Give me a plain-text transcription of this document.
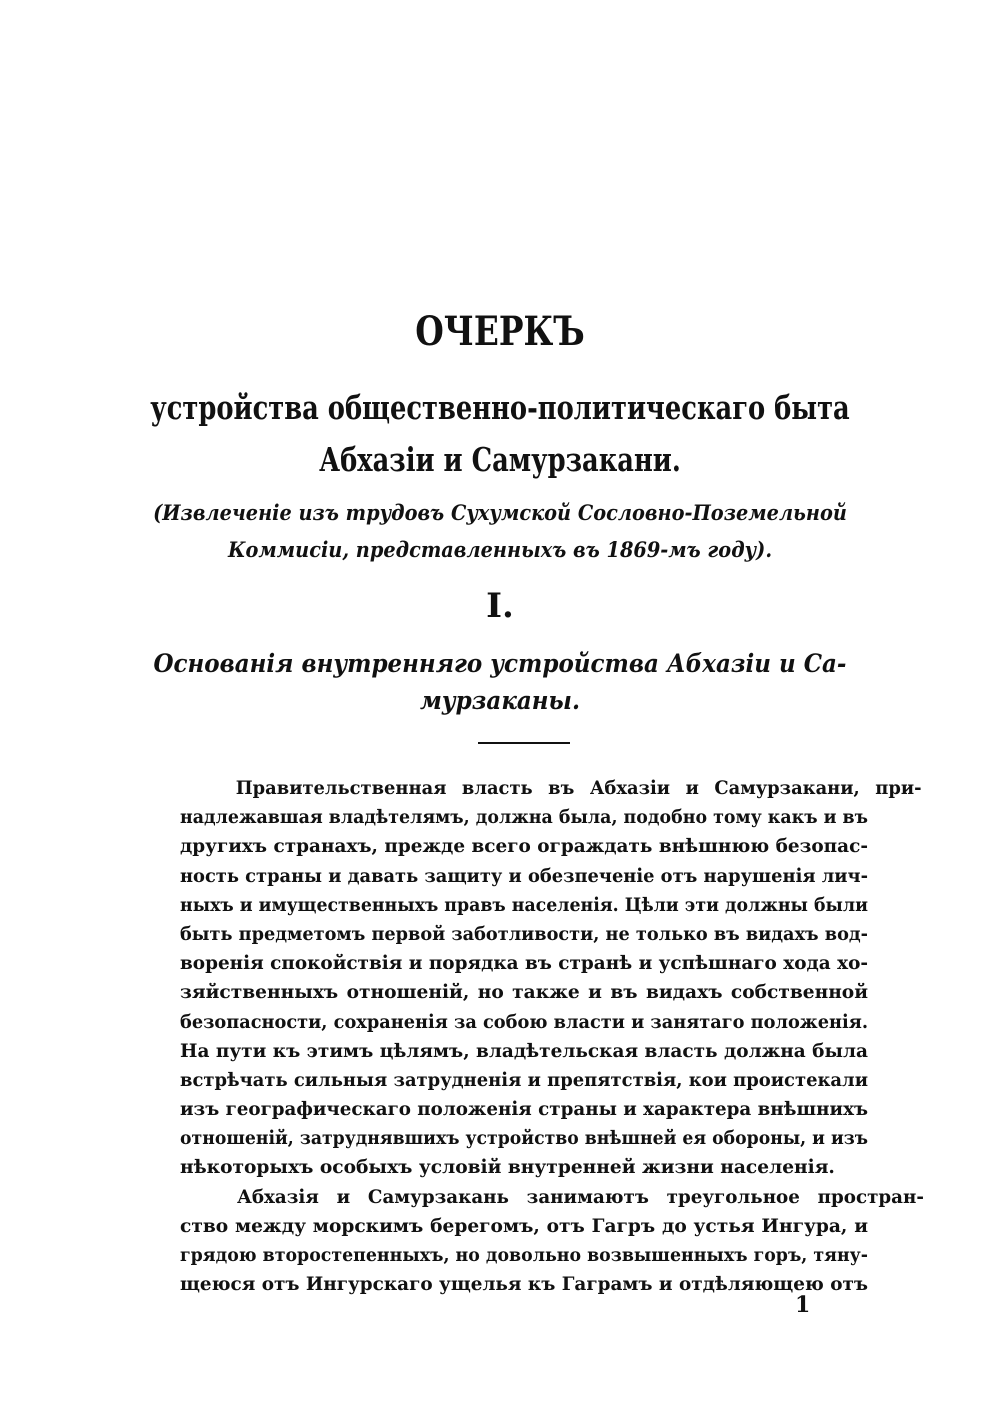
ОЧЕРКЪ
устройства общественно-политическаго быта
Абхазіи и Самурзакани.
(Извлеченіе изъ трудовъ Сухумской Сословно-Поземельной
Коммисіи, представленныхъ въ 1869-мъ году).
I.
Основанія внутренняго устройства Абхазіи и Са-
мурзаканы.
Правительственная власть въ Абхазіи и Самурзакани, при-
надлежавшая владѣтелямъ, должна была, подобно тому какъ и въ
другихъ странахъ, прежде всего ограждать внѣшнюю безопас-
ность страны и давать защиту и обезпеченіе отъ нарушенія лич-
ныхъ и имущественныхъ правъ населенія. Цѣли эти должны были
быть предметомъ первой заботливости, не только въ видахъ вод-
воренія спокойствія и порядка въ странѣ и успѣшнаго хода хо-
зяйственныхъ отношеній, но также и въ видахъ собственной
безопасности, сохраненія за собою власти и занятаго положенія.
На пути къ этимъ цѣлямъ, владѣтельская власть должна была
встрѣчать сильныя затрудненія и препятствія, кои проистекали
изъ географическаго положенія страны и характера внѣшнихъ
отношеній, затруднявшихъ устройство внѣшней ея обороны, и изъ
нѣкоторыхъ особыхъ условій внутренней жизни населенія.
Абхазія и Самурзакань занимаютъ треугольное простран-
ство между морскимъ берегомъ, отъ Гагръ до устья Ингура, и
грядою второстепенныхъ, но довольно возвышенныхъ горъ, тяну-
щеюся отъ Ингурскаго ущелья къ Гаграмъ и отдѣляющею отъ
1
